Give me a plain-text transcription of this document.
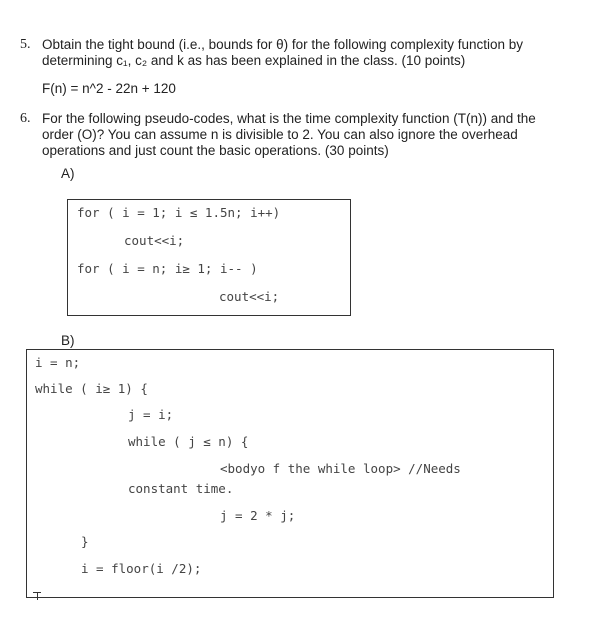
5. Obtain the tight bound (i.e., bounds for θ) for the following complexity function by
determining c₁, c₂ and k as has been explained in the class. (10 points)
F(n) = n^2 - 22n + 120
6. For the following pseudo-codes, what is the time complexity function (T(n)) and the
order (O)? You can assume n is divisible to 2. You can also ignore the overhead
operations and just count the basic operations. (30 points)
A)
for ( i = 1; i ≤ 1.5n; i++)
cout<<i;
for ( i = n; i≥ 1; i-- )
cout<<i;
B)
i = n;
while ( i≥ 1) {
j = i;
while ( j ≤ n) {
<bodyo f the while loop> //Needs
constant time.
j = 2 * j;
}
i = floor(i /2);
